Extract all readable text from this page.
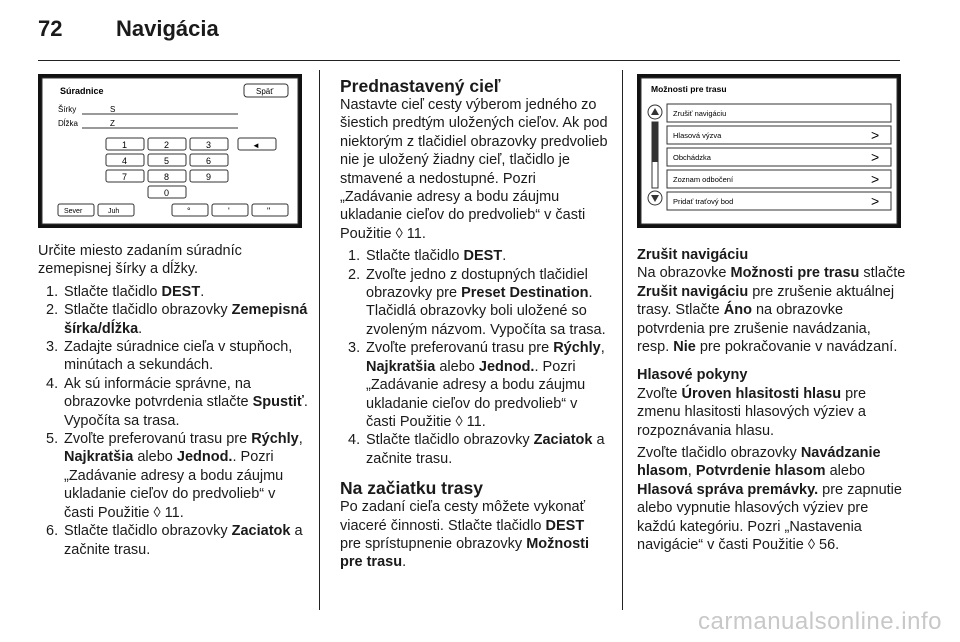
72 Navigácia
Súradnice	Späť
Šírky	S
Dĺžka	Z
1	2	3	◄
4	5	6
7	8	9
0
Sever	Juh	°	'	"

Určite miesto zadaním súradníc zemepisnej šírky a dĺžky.

1. Stlačte tlačidlo DEST.
2. Stlačte tlačidlo obrazovky Zemepisná šírka/dĺžka.
3. Zadajte súradnice cieľa v stupňoch, minútach a sekundách.
4. Ak sú informácie správne, na obrazovke potvrdenia stlačte Spustiť. Vypočíta sa trasa.
5. Zvoľte preferovanú trasu pre Rýchly, Najkratšia alebo Jednod.. Pozri „Zadávanie adresy a bodu záujmu ukladanie cieľov do predvolieb“ v časti Použitie ◊ 11.
6. Stlačte tlačidlo obrazovky Zaciatok a začnite trasu.
Prednastavený cieľ

Nastavte cieľ cesty výberom jedného zo šiestich predtým uložených cieľov. Ak pod niektorým z tlačidiel obrazovky predvolieb nie je uložený žiadny cieľ, tlačidlo je stmavené a nedostupné. Pozri „Zadávanie adresy a bodu záujmu ukladanie cieľov do predvolieb“ v časti Použitie ◊ 11.

1. Stlačte tlačidlo DEST.
2. Zvoľte jedno z dostupných tlačidiel obrazovky pre Preset Destination. Tlačidlá obrazovky boli uložené so zvoleným názvom. Vypočíta sa trasa.
3. Zvoľte preferovanú trasu pre Rýchly, Najkratšia alebo Jednod.. Pozri „Zadávanie adresy a bodu záujmu ukladanie cieľov do predvolieb“ v časti Použitie ◊ 11.
4. Stlačte tlačidlo obrazovky Zaciatok a začnite trasu.
Na začiatku trasy

Po zadaní cieľa cesty môžete vykonať viaceré činnosti. Stlačte tlačidlo DEST pre sprístupnenie obrazovky Možnosti pre trasu.

Možnosti pre trasu
Zrušiť navigáciu
Hlasová výzva	>
Obchádzka	>
Zoznam odbočení	>
Pridať traťový bod	>
Zrušit navigáciu

Na obrazovke Možnosti pre trasu stlačte Zrušit navigáciu pre zrušenie aktuálnej trasy. Stlačte Áno na obrazovke potvrdenia pre zrušenie navádzania, resp. Nie pre pokračovanie v navádzaní.

Hlasové pokyny

Zvoľte Úroven hlasitosti hlasu pre zmenu hlasitosti hlasových výziev a rozpoznávania hlasu.

Zvoľte tlačidlo obrazovky Navádzanie hlasom, Potvrdenie hlasom alebo Hlasová správa premávky. pre zapnutie alebo vypnutie hlasových výziev pre každú kategóriu. Pozri „Nastavenia navigácie“ v časti Použitie ◊ 56.

carmanualsonline.info
